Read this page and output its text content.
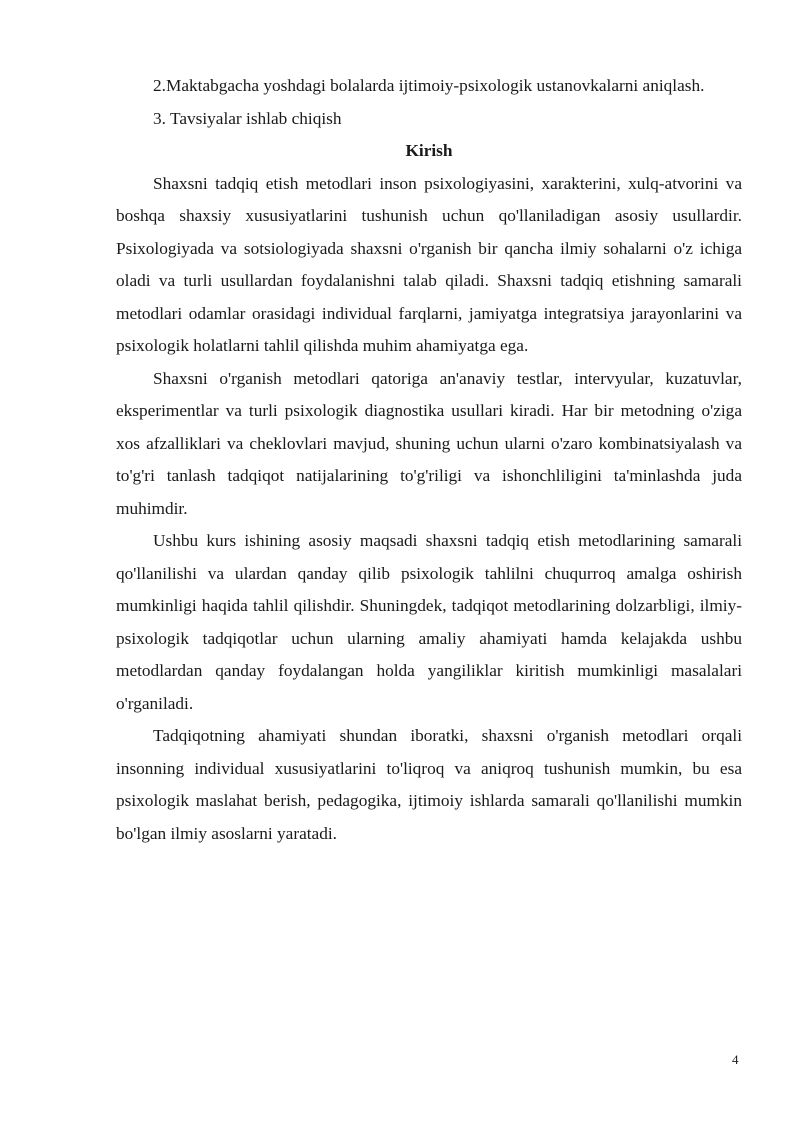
2.Maktabgacha yoshdagi bolalarda ijtimoiy-psixologik ustanovkalarni aniqlash.

3. Tavsiyalar ishlab chiqish

Kirish

Shaxsni tadqiq etish metodlari inson psixologiyasini, xarakterini, xulq-atvorini va boshqa shaxsiy xususiyatlarini tushunish uchun qo'llaniladigan asosiy usullardir. Psixologiyada va sotsiologiyada shaxsni o'rganish bir qancha ilmiy sohalarni o'z ichiga oladi va turli usullardan foydalanishni talab qiladi. Shaxsni tadqiq etishning samarali metodlari odamlar orasidagi individual farqlarni, jamiyatga integratsiya jarayonlarini va psixologik holatlarni tahlil qilishda muhim ahamiyatga ega.

Shaxsni o'rganish metodlari qatoriga an'anaviy testlar, intervyular, kuzatuvlar, eksperimentlar va turli psixologik diagnostika usullari kiradi. Har bir metodning o'ziga xos afzalliklari va cheklovlari mavjud, shuning uchun ularni o'zaro kombinatsiyalash va to'g'ri tanlash tadqiqot natijalarining to'g'riligi va ishonchliligini ta'minlashda juda muhimdir.

Ushbu kurs ishining asosiy maqsadi shaxsni tadqiq etish metodlarining samarali qo'llanilishi va ulardan qanday qilib psixologik tahlilni chuqurroq amalga oshirish mumkinligi haqida tahlil qilishdir. Shuningdek, tadqiqot metodlarining dolzarbligi, ilmiy-psixologik tadqiqotlar uchun ularning amaliy ahamiyati hamda kelajakda ushbu metodlardan qanday foydalangan holda yangiliklar kiritish mumkinligi masalalari o'rganiladi.

Tadqiqotning ahamiyati shundan iboratki, shaxsni o'rganish metodlari orqali insonning individual xususiyatlarini to'liqroq va aniqroq tushunish mumkin, bu esa psixologik maslahat berish, pedagogika, ijtimoiy ishlarda samarali qo'llanilishi mumkin bo'lgan ilmiy asoslarni yaratadi.

4
